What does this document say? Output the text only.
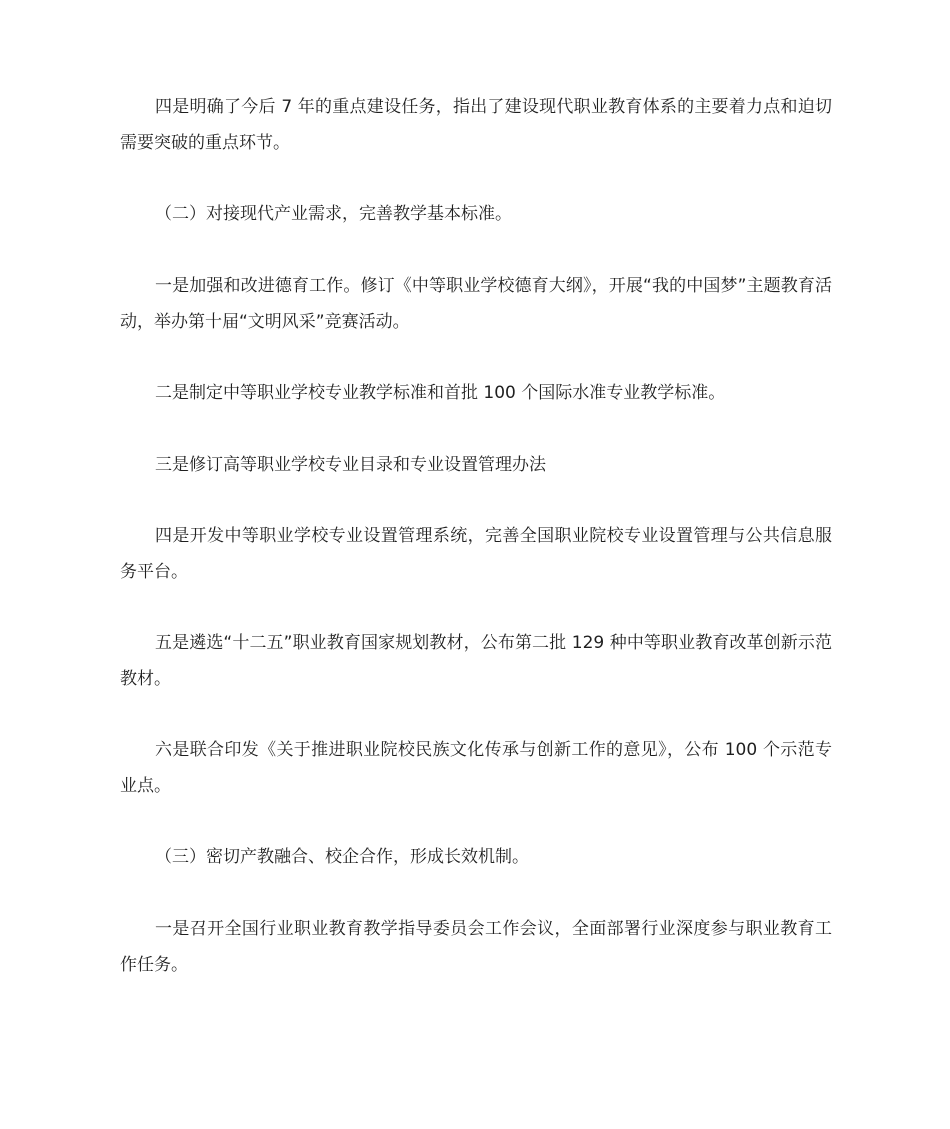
四是明确了今后 7 年的重点建设任务，指出了建设现代职业教育体系的主要着力点和迫切需要突破的重点环节。

（二）对接现代产业需求，完善教学基本标准。

一是加强和改进德育工作。修订《中等职业学校德育大纲》，开展“我的中国梦”主题教育活动，举办第十届“文明风采”竞赛活动。

二是制定中等职业学校专业教学标准和首批 100 个国际水准专业教学标准。

三是修订高等职业学校专业目录和专业设置管理办法

四是开发中等职业学校专业设置管理系统，完善全国职业院校专业设置管理与公共信息服务平台。

五是遴选“十二五”职业教育国家规划教材，公布第二批 129 种中等职业教育改革创新示范教材。

六是联合印发《关于推进职业院校民族文化传承与创新工作的意见》，公布 100 个示范专业点。

（三）密切产教融合、校企合作，形成长效机制。

一是召开全国行业职业教育教学指导委员会工作会议，全面部署行业深度参与职业教育工作任务。
